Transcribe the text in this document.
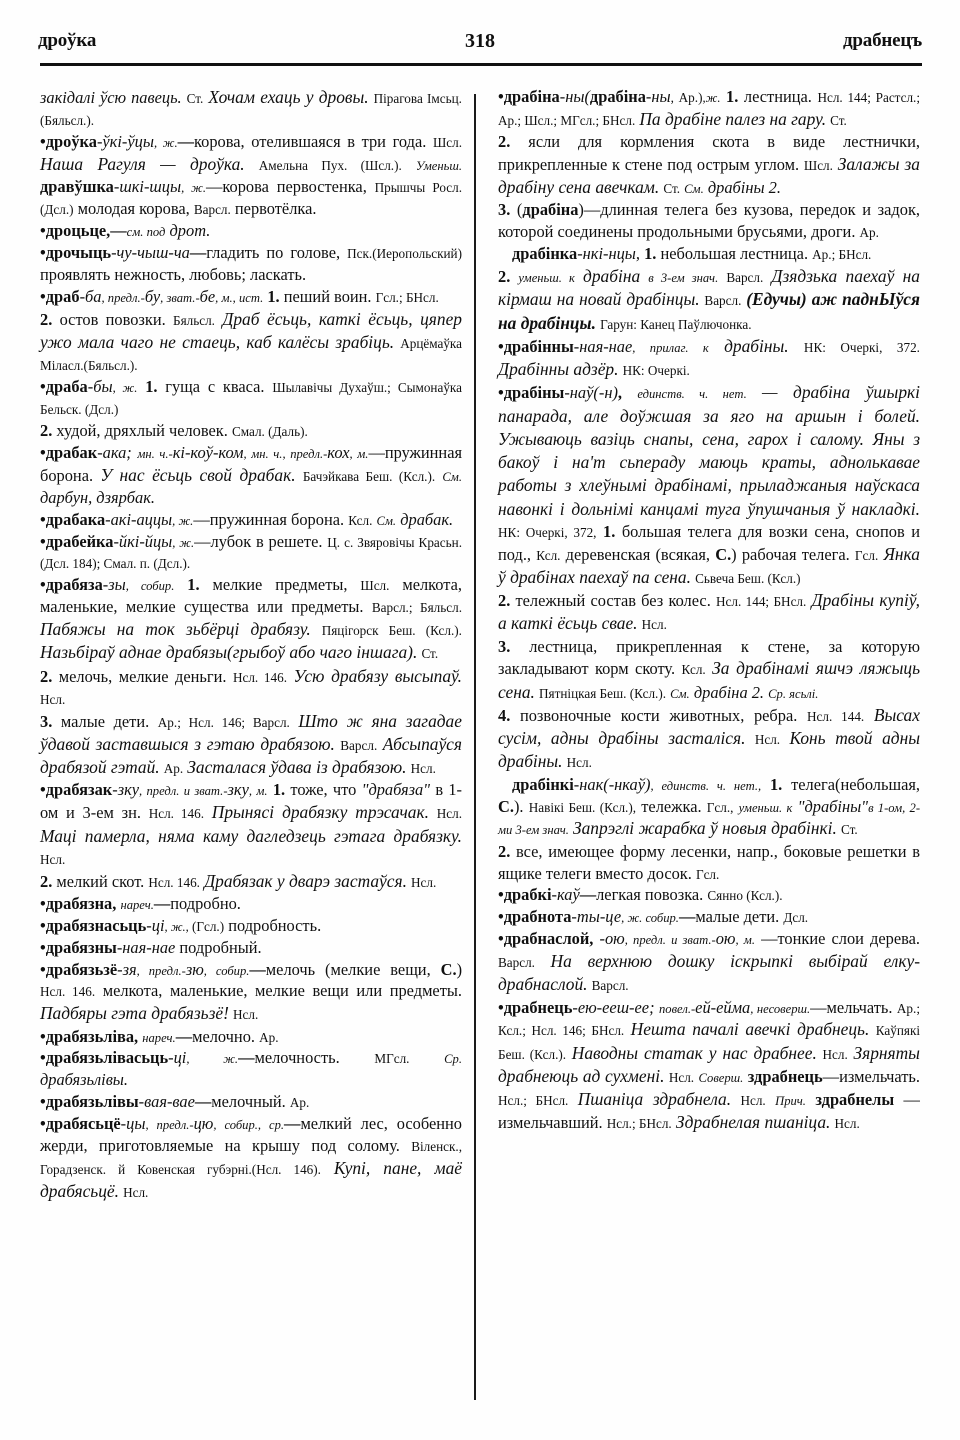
дроўка	318	драбнецъ

закідалі ўсю павець. Ст. Хочам ехаць у дровы. Пірагова Імсьц.(Бяльсл.).

•дроўка-ўкі-ўцы, ж.—корова, отелившаяся в три года. Шсл. Наша Рагуля — дроўка. Амельна Пух. (Шсл.). Уменьш. дравўшка-шкі-шцы, ж.—корова первостенка, Прышчы Росл. (Дсл.) молодая корова, Варсл. первотёлка.

•дроцьце,—см. под дрот.

•дрочыць-чу-чыш-ча—гладить по голове, Пск.(Иеропольский) проявлять нежность, любовь; ласкать.

•драб-ба, предл.-бу, зват.-бе, м., ист. 1. пеший воин. Гсл.; БНсл.

2. остов повозки. Бяльсл. Драб ёсьць, каткі ёсьць, цяпер ужо мала чаго не стаець, каб калёсы зрабіць. Арцёмаўка Міласл.(Бяльсл.).

•драба-бы, ж. 1. гуща с кваса. Шылавічы Духаўш.; Сымонаўка Бельск. (Дсл.)

2. худой, дряхлый человек. Смал. (Даль).

•драбак-ака; мн. ч.-кі-коў-ком, мн. ч., предл.-кох, м.—пружинная борона. У нас ёсьць свой драбак. Бачэйкава Беш. (Ксл.). См. дарбун, дзярбак.

•драбака-акі-аццы, ж.—пружинная борона. Ксл. См. драбак.

•драбейка-йкі-йцы, ж.—лубок в решете. Ц. с. Звяровічы Красьн. (Дсл. 184); Смал. п. (Дсл.).

•драбяза-зы, собир. 1. мелкие предметы, Шсл. мелкота, маленькие, мелкие существа или предметы. Варсл.; Бяльсл. Пабяжы на ток зьбёрці драбязу. Пяцігорск Беш. (Ксл.). Назьбіраў аднае драбязы(грыбоў або чаго іншага). Ст.

2. мелочь, мелкие деньги. Нсл. 146. Усю драбязу высыпаў. Нсл.

3. малые дети. Ар.; Нсл. 146; Варсл. Што ж яна загадае ўдавой заставшыся з гэтаю драбязою. Варсл. Абсыпаўся драбязой гэтай. Ар. Засталася ўдава із драбязою. Нсл.

•драбязак-зку, предл. и зват.-зку, м. 1. тоже, что "драбяза" в 1-ом и 3-ем зн. Нсл. 146. Прынясі драбязку трэсачак. Нсл. Маці памерла, няма каму дагледзець гэтага драбязку. Нсл.

2. мелкий скот. Нсл. 146. Драбязак у дварэ застаўся. Нсл.

•драбязна, нареч.—подробно.

•драбязнасьць-ці, ж., (Гсл.) подробность.

•драбязны-ная-нае подробный.

•драбязьзё-зя, предл.-зю, собир.—мелочь (мелкие вещи, С.) Нсл. 146. мелкота, маленькие, мелкие вещи или предметы. Падбяры гэта драбязьзё! Нсл.

•драбязьліва, нареч.—мелочно. Ар.

•драбязьлівасьць-ці, ж.—мелочность. МГсл.	Ср. драбязьлівы.

•драбязьлівы-вая-вае—мелочный. Ар.

•драбясьцё-цы, предл.-цю, собир., ср.—мелкий лес, особенно жерди, приготовляемые на крышу под солому. Віленск., Горадзенск. й Ковенская губэрні.(Нсл. 146). Купі, пане, маё драбясьцё. Нсл.

•драбіна-ны(драбіна-ны, Ар.),ж. 1. лестница. Нсл. 144; Растсл.; Ар.; Шсл.; МГсл.; БНсл. Па драбіне палез на гару. Ст.

2. ясли для кормления скота в виде лестнички, прикрепленные к стене под острым углом. Шсл. Залажы за драбіну сена авечкам. Ст. См. драбіны 2.

3. (драбіна)—длинная телега без кузова, передок и задок, которой соединены продольными брусьями, дроги. Ар.

драбінка-нкі-нцы, 1. небольшая лестница. Ар.; БНсл.

2. уменьш. к драбіна в 3-ем знач. Варсл. Дзядзька паехаў на кірмаш на новай драбінцы. Варсл. (Едучы) аж паднЫўся на драбінцы. Гарун: Канец Паўлючонка.

•драбінны-ная-нае, прилаг. к драбіны. НК: Очеркі, 372. Драбінны адзёр. НК: Очеркі.

•драбіны-наў(-н), единств. ч. нет. — драбіна ўшыркі панарада, але доўжшая за яго на аршын і болей. Ужываюць вазіць снапы, сена, гарох і салому. Яны з бакоў і на'т сьпераду маюць краты, аднолькавае работы з хлеўнымі драбінамі, прыладжаныя наўскаса навонкі і дольнімі канцамі туга ўпушчаныя ў накладкі. НК: Очеркі, 372, 1. большая телега для возки сена, снопов и под., Ксл. деревенская (всякая, С.) рабочая телега. Гсл. Янка ў драбінах паехаў па сена. Сьвеча Беш. (Ксл.)

2. тележный состав без колес. Нсл. 144; БНсл. Драбіны купіў, а каткі ёсьць свае. Нсл.

3. лестница, прикрепленная к стене, за которую закладывают корм скоту. Ксл. За драбінамі яшчэ ляжыць сена. Пятніцкая Беш. (Ксл.). См. драбіна 2. Ср. ясьлі.

4. позвоночные кости животных, ребра. Нсл. 144. Высах сусім, адны драбіны засталіся. Нсл. Конь твой адны драбіны. Нсл.

драбінкі-нак(-нкаў), единств. ч. нет., 1. телега(небольшая, С.). Навікі Беш. (Ксл.), тележка. Гсл., уменьш. к "драбіны"в 1-ом, 2-ми 3-ем знач. Запрэглі жарабка ў новыя драбінкі. Ст.

2. все, имеющее форму лесенки, напр., боковые решетки в ящике телеги вместо досок. Гсл.

•драбкі-каў—легкая повозка. Сянно (Ксл.).

•драбнота-ты-це, ж. собир.—малые дети. Дсл.

•драбнаслой, -ою, предл. и зват.-ою, м. —тонкие слои дерева. Варсл. На верхнюю дошку іскрыпкі выбірай елку-драбнаслой. Варсл.

•драбнець-ею-ееш-ее; повел.-ей-ейма, несоверш.—мельчать. Ар.; Ксл.; Нсл. 146; БНсл. Нешта пачалі авечкі драбнець. Каўпякі Беш. (Ксл.). Наводны статак у нас драбнее. Нсл. Зярняты драбнеюць ад сухмені. Нсл. Соверш. здрабнець—измельчать. Нсл.; БНсл. Пшаніца здрабнела. Нсл. Прич. здрабнелы —измельчавший. Нсл.; БНсл. Здрабнелая пшаніца. Нсл.
